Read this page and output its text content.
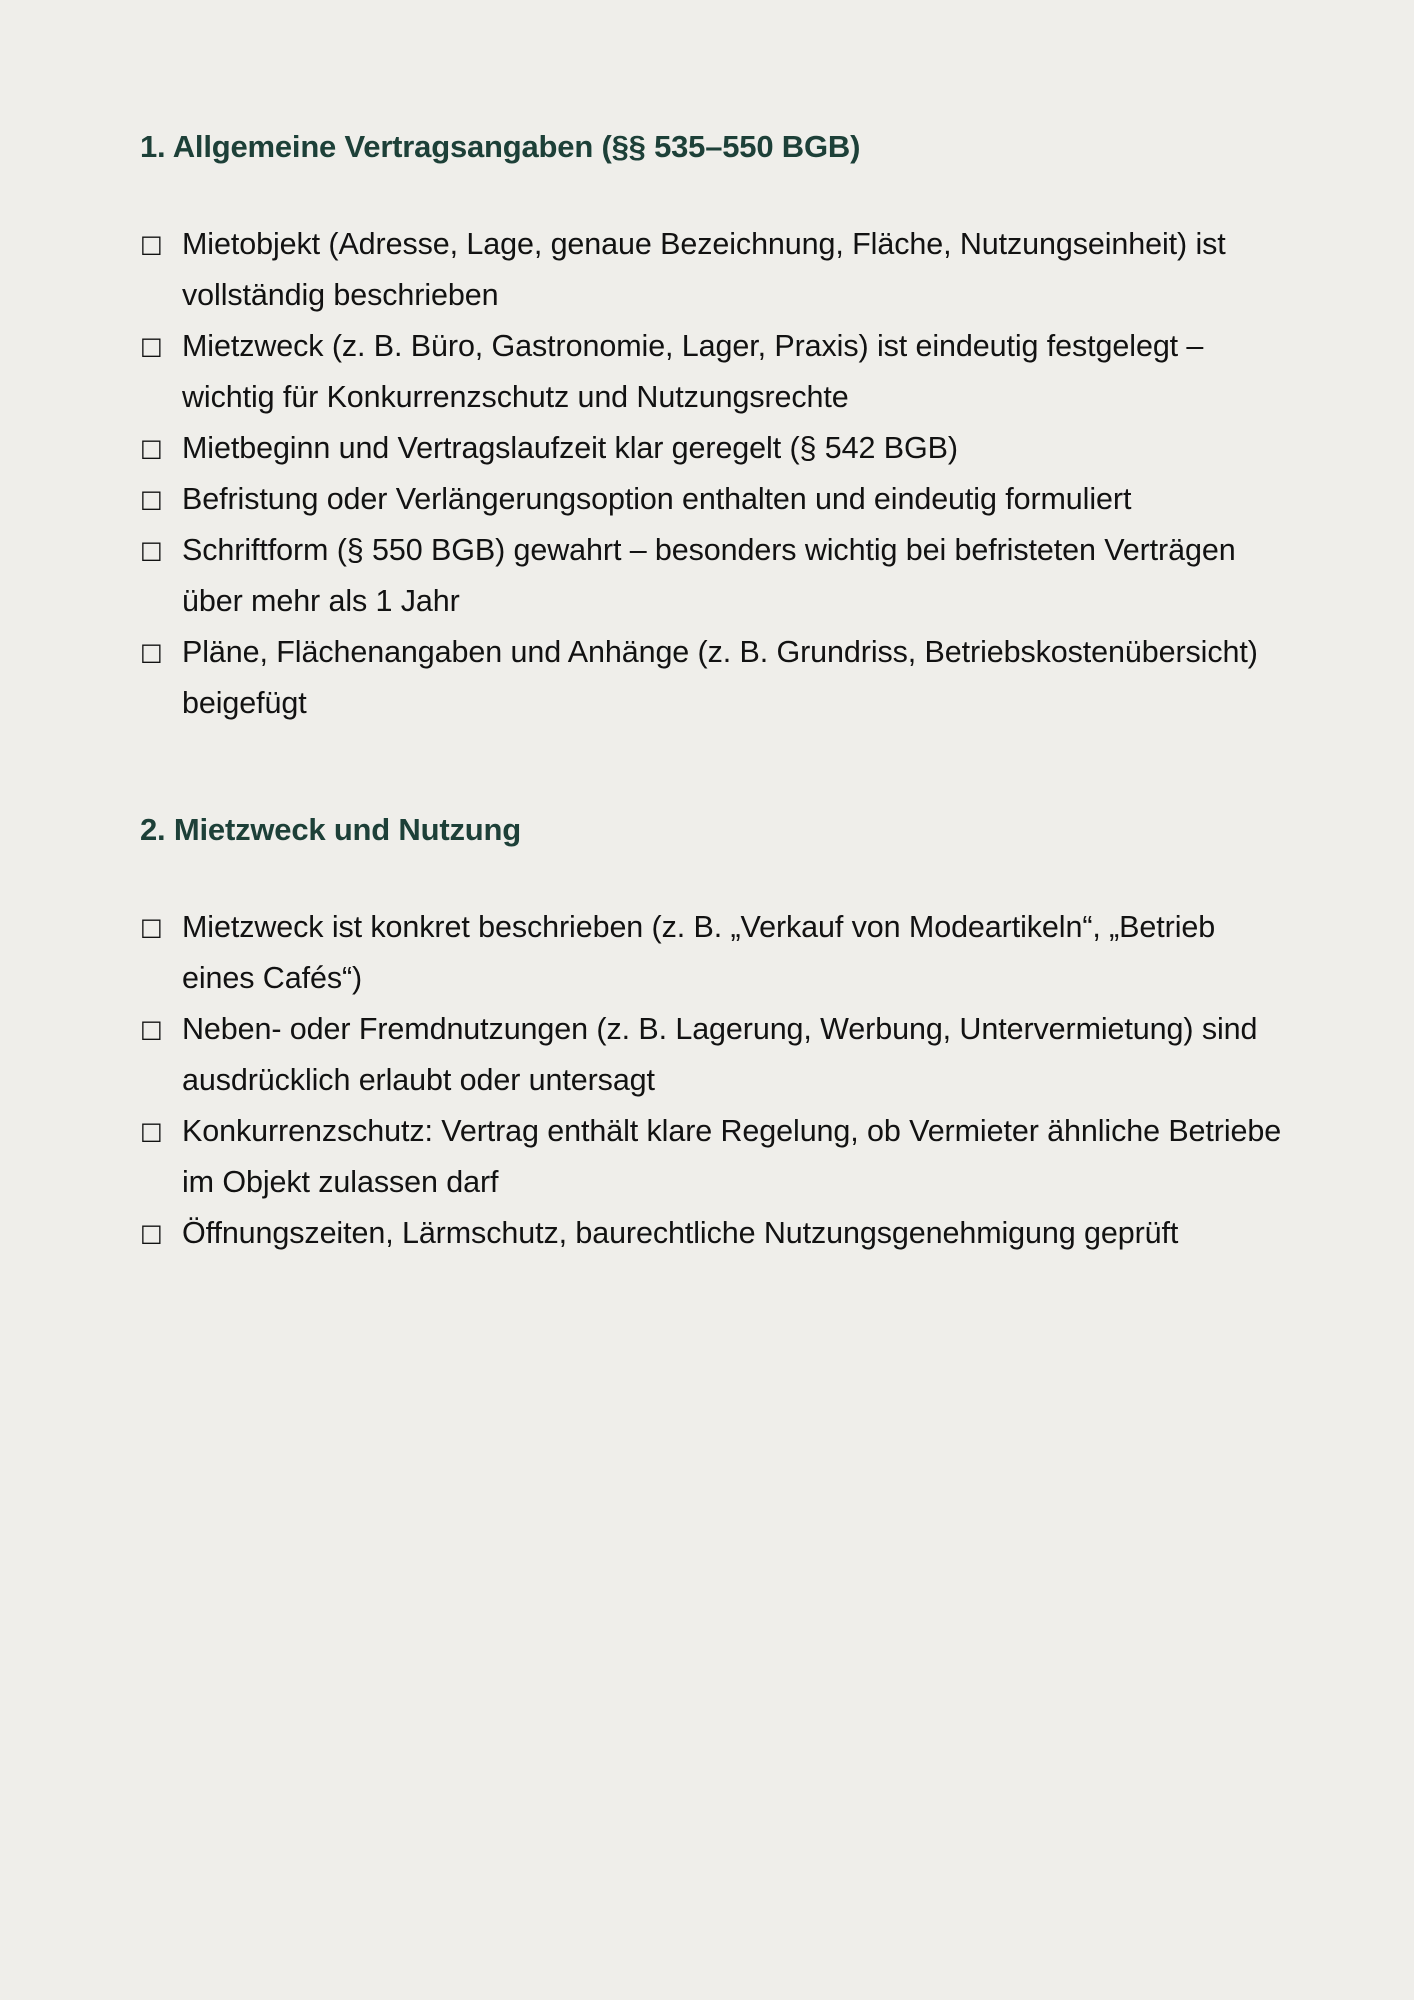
1. Allgemeine Vertragsangaben (§§ 535–550 BGB)
□ Mietobjekt (Adresse, Lage, genaue Bezeichnung, Fläche, Nutzungseinheit) ist vollständig beschrieben
□ Mietzweck (z. B. Büro, Gastronomie, Lager, Praxis) ist eindeutig festgelegt – wichtig für Konkurrenzschutz und Nutzungsrechte
□ Mietbeginn und Vertragslaufzeit klar geregelt (§ 542 BGB)
□ Befristung oder Verlängerungsoption enthalten und eindeutig formuliert
□ Schriftform (§ 550 BGB) gewahrt – besonders wichtig bei befristeten Verträgen über mehr als 1 Jahr
□ Pläne, Flächenangaben und Anhänge (z. B. Grundriss, Betriebskostenübersicht) beigefügt
2. Mietzweck und Nutzung
□ Mietzweck ist konkret beschrieben (z. B. „Verkauf von Modeartikeln“, „Betrieb eines Cafés“)
□ Neben- oder Fremdnutzungen (z. B. Lagerung, Werbung, Untervermietung) sind ausdrücklich erlaubt oder untersagt
□ Konkurrenzschutz: Vertrag enthält klare Regelung, ob Vermieter ähnliche Betriebe im Objekt zulassen darf
□ Öffnungszeiten, Lärmschutz, baurechtliche Nutzungsgenehmigung geprüft
